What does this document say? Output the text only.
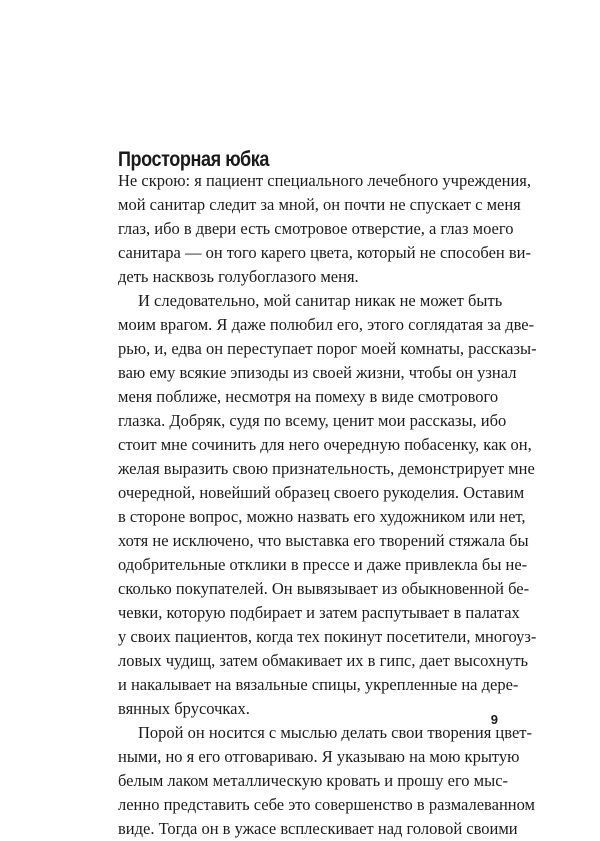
Просторная юбка
Не скрою: я пациент специального лечебного учреждения,
мой санитар следит за мной, он почти не спускает с меня
глаз, ибо в двери есть смотровое отверстие, а глаз моего
санитара — он того карего цвета, который не способен ви-
деть насквозь голубоглазого меня.
И следовательно, мой санитар никак не может быть
моим врагом. Я даже полюбил его, этого соглядатая за две-
рью, и, едва он переступает порог моей комнаты, рассказы-
ваю ему всякие эпизоды из своей жизни, чтобы он узнал
меня поближе, несмотря на помеху в виде смотрового
глазка. Добряк, судя по всему, ценит мои рассказы, ибо
стоит мне сочинить для него очередную побасенку, как он,
желая выразить свою признательность, демонстрирует мне
очередной, новейший образец своего рукоделия. Оставим
в стороне вопрос, можно назвать его художником или нет,
хотя не исключено, что выставка его творений стяжала бы
одобрительные отклики в прессе и даже привлекла бы не-
сколько покупателей. Он вывязывает из обыкновенной бе-
чевки, которую подбирает и затем распутывает в палатах
у своих пациентов, когда тех покинут посетители, многоуз-
ловых чудищ, затем обмакивает их в гипс, дает высохнуть
и накалывает на вязальные спицы, укрепленные на дере-
вянных брусочках.
Порой он носится с мыслью делать свои творения цвет-
ными, но я его отговариваю. Я указываю на мою крытую
белым лаком металлическую кровать и прошу его мыс-
ленно представить себе это совершенство в размалеванном
виде. Тогда он в ужасе всплескивает над головой своими
9
